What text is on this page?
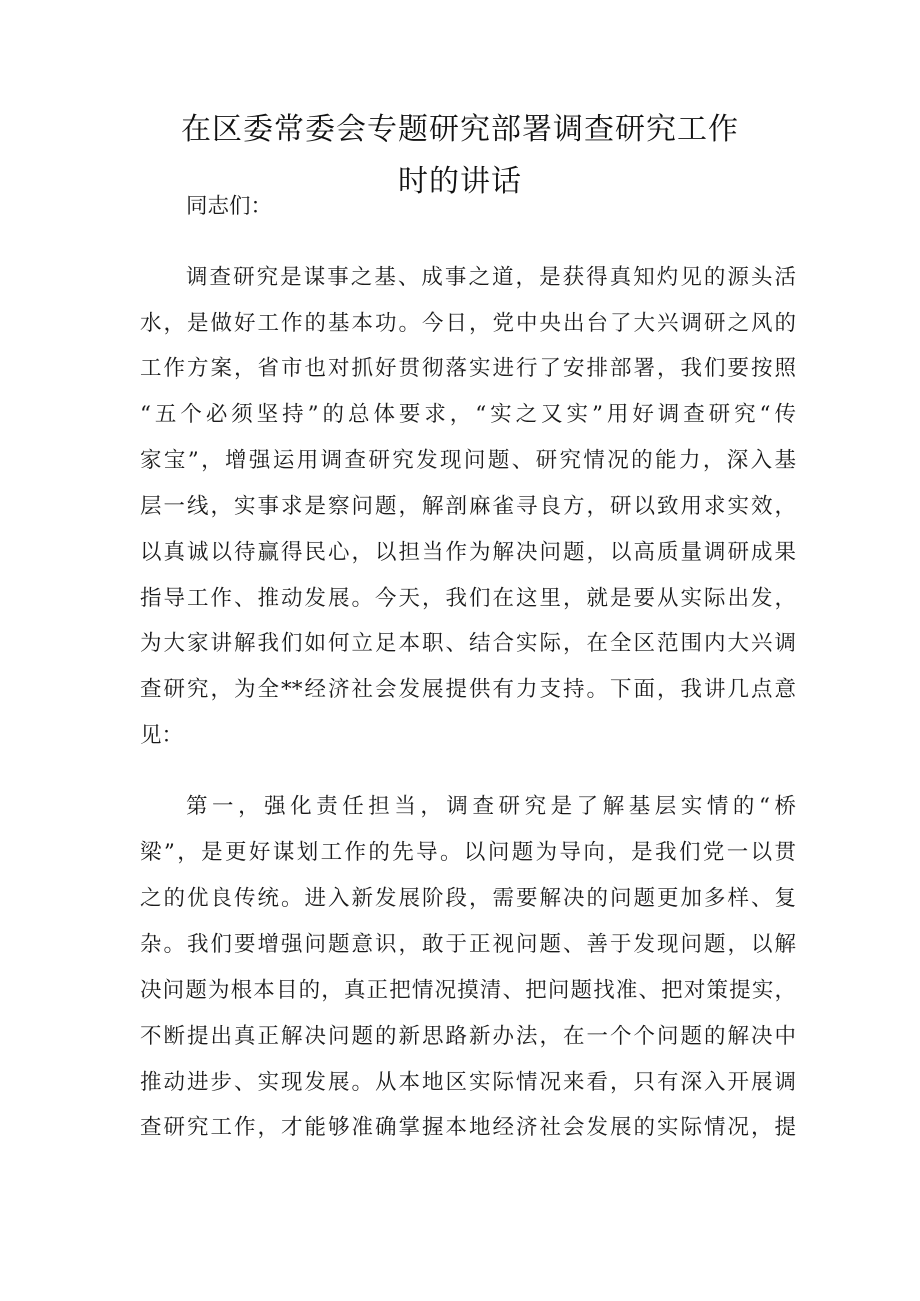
在区委常委会专题研究部署调查研究工作
时的讲话
同志们：
调查研究是谋事之基、成事之道，是获得真知灼见的源头活
水，是做好工作的基本功。今日，党中央出台了大兴调研之风的
工作方案，省市也对抓好贯彻落实进行了安排部署，我们要按照
“五个必须坚持”的总体要求，“实之又实”用好调查研究“传
家宝”，增强运用调查研究发现问题、研究情况的能力，深入基
层一线，实事求是察问题，解剖麻雀寻良方，研以致用求实效，
以真诚以待赢得民心，以担当作为解决问题，以高质量调研成果
指导工作、推动发展。今天，我们在这里，就是要从实际出发，
为大家讲解我们如何立足本职、结合实际，在全区范围内大兴调
查研究，为全**经济社会发展提供有力支持。下面，我讲几点意
见：
第一，强化责任担当，调查研究是了解基层实情的“桥
梁”，是更好谋划工作的先导。以问题为导向，是我们党一以贯
之的优良传统。进入新发展阶段，需要解决的问题更加多样、复
杂。我们要增强问题意识，敢于正视问题、善于发现问题，以解
决问题为根本目的，真正把情况摸清、把问题找准、把对策提实，
不断提出真正解决问题的新思路新办法，在一个个问题的解决中
推动进步、实现发展。从本地区实际情况来看，只有深入开展调
查研究工作，才能够准确掌握本地经济社会发展的实际情况，提
